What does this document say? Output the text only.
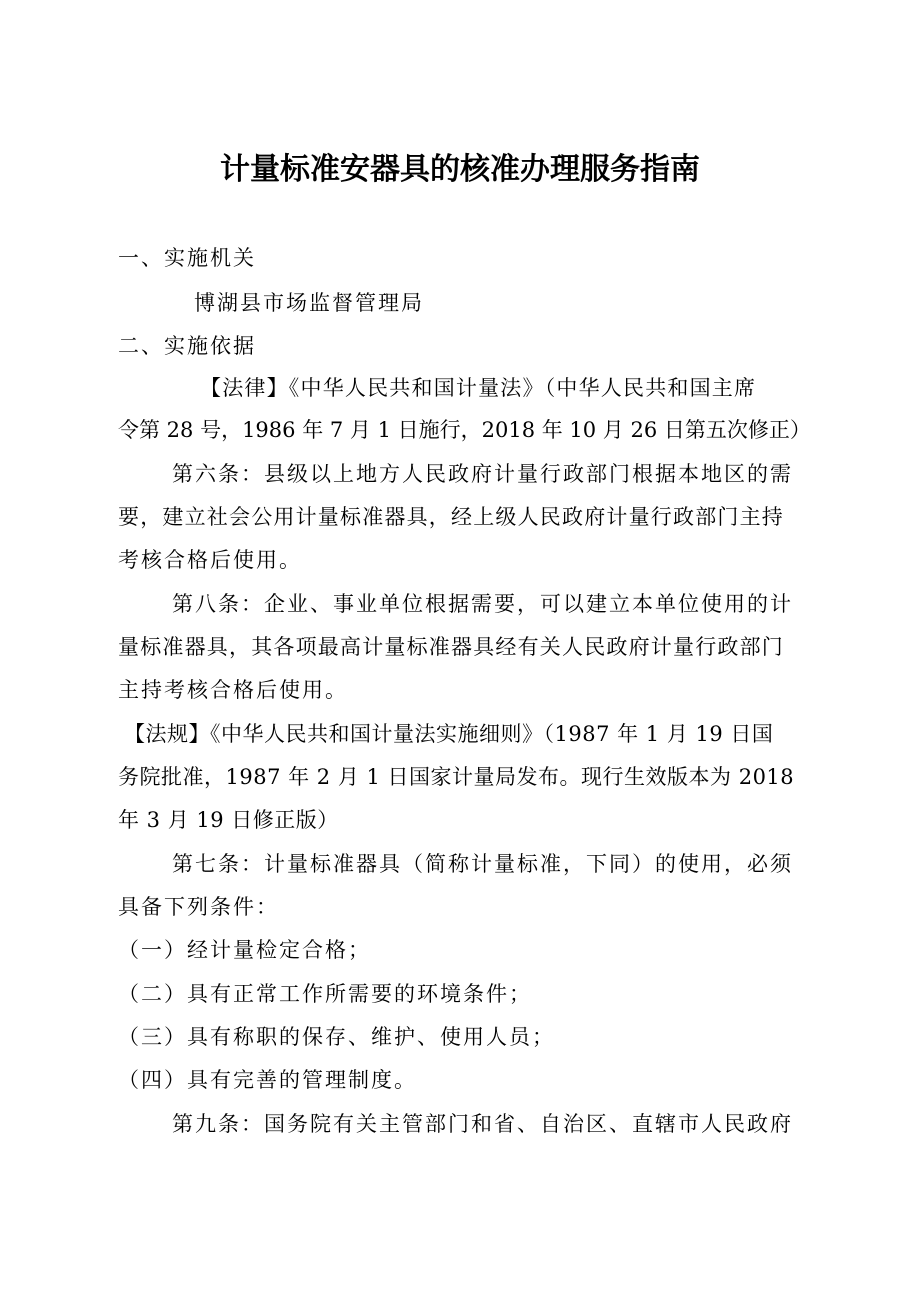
计量标准安器具的核准办理服务指南
一、实施机关
博湖县市场监督管理局
二、实施依据
【法律】《中华人民共和国计量法》（中华人民共和国主席
令第 28 号，1986 年 7 月 1 日施行，2018 年 10 月 26 日第五次修正）
第六条：县级以上地方人民政府计量行政部门根据本地区的需
要，建立社会公用计量标准器具，经上级人民政府计量行政部门主持
考核合格后使用。
第八条：企业、事业单位根据需要，可以建立本单位使用的计
量标准器具，其各项最高计量标准器具经有关人民政府计量行政部门
主持考核合格后使用。
【法规】《中华人民共和国计量法实施细则》（1987 年 1 月 19 日国
务院批准，1987 年 2 月 1 日国家计量局发布。现行生效版本为 2018
年 3 月 19 日修正版）
第七条：计量标准器具（简称计量标准，下同）的使用，必须
具备下列条件：
（一）经计量检定合格；
（二）具有正常工作所需要的环境条件；
（三）具有称职的保存、维护、使用人员；
（四）具有完善的管理制度。
第九条：国务院有关主管部门和省、自治区、直辖市人民政府
